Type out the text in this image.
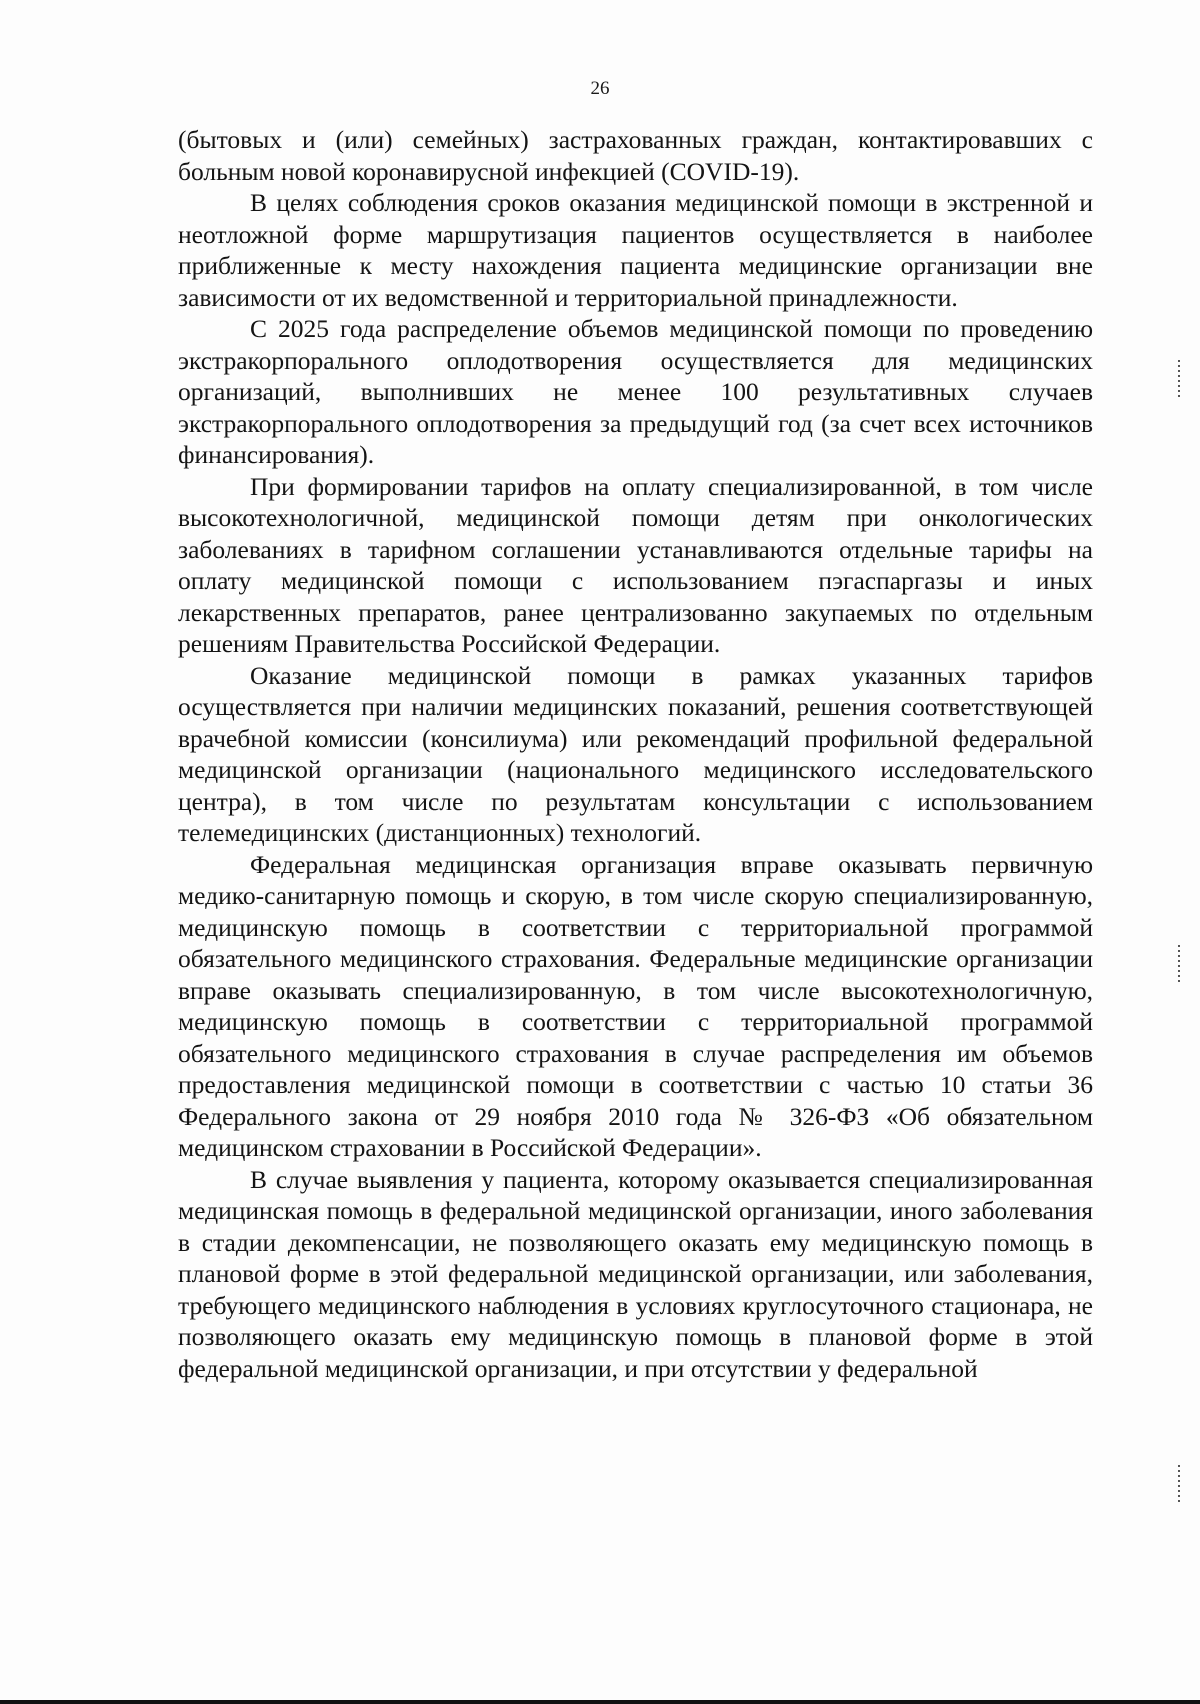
26

(бытовых и (или) семейных) застрахованных граждан, контактировавших с больным новой коронавирусной инфекцией (COVID-19).

В целях соблюдения сроков оказания медицинской помощи в экстренной и неотложной форме маршрутизация пациентов осуществляется в наиболее приближенные к месту нахождения пациента медицинские организации вне зависимости от их ведомственной и территориальной принадлежности.

С 2025 года распределение объемов медицинской помощи по проведению экстракорпорального оплодотворения осуществляется для медицинских организаций, выполнивших не менее 100 результативных случаев экстракорпорального оплодотворения за предыдущий год (за счет всех источников финансирования).

При формировании тарифов на оплату специализированной, в том числе высокотехнологичной, медицинской помощи детям при онкологических заболеваниях в тарифном соглашении устанавливаются отдельные тарифы на оплату медицинской помощи с использованием пэгаспаргазы и иных лекарственных препаратов, ранее централизованно закупаемых по отдельным решениям Правительства Российской Федерации.

Оказание медицинской помощи в рамках указанных тарифов осуществляется при наличии медицинских показаний, решения соответствующей врачебной комиссии (консилиума) или рекомендаций профильной федеральной медицинской организации (национального медицинского исследовательского центра), в том числе по результатам консультации с использованием телемедицинских (дистанционных) технологий.

Федеральная медицинская организация вправе оказывать первичную медико-санитарную помощь и скорую, в том числе скорую специализированную, медицинскую помощь в соответствии с территориальной программой обязательного медицинского страхования. Федеральные медицинские организации вправе оказывать специализированную, в том числе высокотехнологичную, медицинскую помощь в соответствии с территориальной программой обязательного медицинского страхования в случае распределения им объемов предоставления медицинской помощи в соответствии с частью 10 статьи 36 Федерального закона от 29 ноября 2010 года № 326-ФЗ «Об обязательном медицинском страховании в Российской Федерации».

В случае выявления у пациента, которому оказывается специализированная медицинская помощь в федеральной медицинской организации, иного заболевания в стадии декомпенсации, не позволяющего оказать ему медицинскую помощь в плановой форме в этой федеральной медицинской организации, или заболевания, требующего медицинского наблюдения в условиях круглосуточного стационара, не позволяющего оказать ему медицинскую помощь в плановой форме в этой федеральной медицинской организации, и при отсутствии у федеральной
